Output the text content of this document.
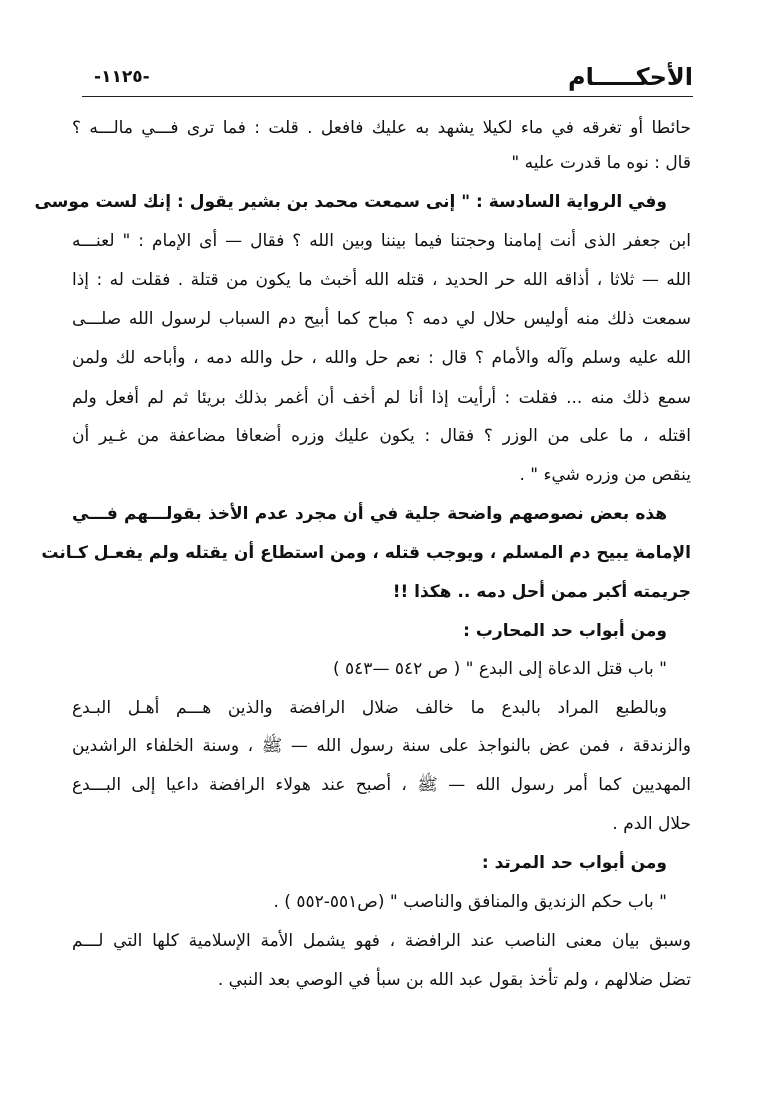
الأحكـــــام
-١١٢٥-
حائطا أو تغرقه في ماء لكيلا يشهد به عليك فافعل . قلت : فما ترى فـــي مالـــه ؟
قال : نوه ما قدرت عليه "
وفي الرواية السادسة : " إنى سمعت محمد بن بشير يقول : إنك لست موسى
ابن جعفر الذى أنت إمامنا وحجتنا فيما بيننا وبين الله ؟ فقال — أى الإمام : " لعنـــه
الله — ثلاثا ، أذاقه الله حر الحديد ، قتله الله أخبث ما يكون من قتلة . فقلت له : إذا
سمعت ذلك منه أوليس حلال لي دمه ؟ مباح كما أبيح دم السباب لرسول الله صلـــى
الله عليه وسلم وآله والأمام ؟ قال : نعم حل والله ، حل والله دمه ، وأباحه لك ولمن
سمع ذلك منه ... فقلت : أرأيت إذا أنا لم أخف أن أغمر بذلك بريئا ثم لم أفعل ولم
اقتله ، ما على من الوزر ؟ فقال : يكون عليك وزره أضعافا مضاعفة من غـير أن
ينقص من وزره شيء " .
هذه بعض نصوصهم واضحة جلية في أن مجرد عدم الأخذ بقولـــهم فـــي
الإمامة يبيح دم المسلم ، ويوجب قتله ، ومن استطاع أن يقتله ولم يفعـل كـانت
جريمته أكبر ممن أحل دمه .. هكذا !!
ومن أبواب حد المحارب :
" باب قتل الدعاة إلى البدع " ( ص ٥٤٢ —٥٤٣ )
وبالطبع المراد بالبدع ما خالف ضلال الرافضة والذين هـــم أهـل البـدع
والزندقة ، فمن عض بالنواجذ على سنة رسول الله — ﷺ ، وسنة الخلفاء الراشدين
المهديين كما أمر رسول الله — ﷺ ، أصبح عند هولاء الرافضة داعيا إلى البـــدع
حلال الدم .
ومن أبواب حد المرتد :
" باب حكم الزنديق والمنافق والناصب " (ص٥٥١-٥٥٢ ) .
وسبق بيان معنى الناصب عند الرافضة ، فهو يشمل الأمة الإسلامية كلها التي لـــم
تضل ضلالهم ، ولم تأخذ بقول عبد الله بن سبأ في الوصي بعد النبي .
